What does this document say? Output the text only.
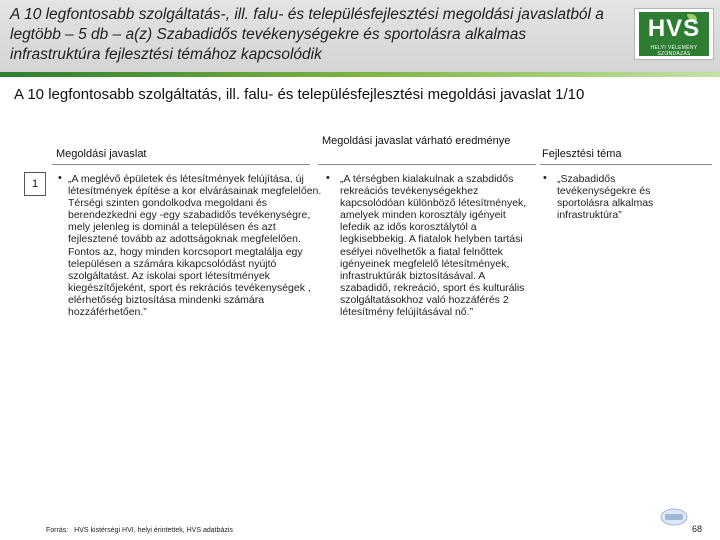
A 10 legfontosabb szolgáltatás-, ill. falu- és településfejlesztési megoldási javaslatból a legtöbb – 5 db – a(z) Szabadidős tevékenységekre és sportolásra alkalmas infrastruktúra fejlesztési témához kapcsolódik
HVS
HELYI VÉLEMÉNY SZONDÁZÁS
A 10 legfontosabb szolgáltatás, ill. falu- és településfejlesztési megoldási javaslat 1/10
Megoldási javaslat
Megoldási javaslat várható eredménye
Fejlesztési téma
1	• „A meglévő épületek és létesítmények felújítása, új létesítmények építése a kor elvárásainak megfelelően. Térségi szinten gondolkodva megoldani és berendezkedni egy -egy szabadidős tevékenységre, mely jelenleg is dominál a településen és azt fejlesztené tovább az adottságoknak megfelelően. Fontos az, hogy minden korcsoport megtalálja egy településen a számára kikapcsolódást nyújtó szolgáltatást. Az iskolai sport létesítmények kiegészítőjeként, sport és rekrációs tevékenységek , elérhetőség biztosítása mindenki számára hozzáférhetően.”
• „A térségben kialakulnak a szabdidős rekreációs tevékenységekhez kapcsolódóan különböző létesítmények, amelyek minden korosztály igényeit lefedik az idős korosztálytól a legkisebbekig. A fiatalok helyben tartási esélyei növelhetők a fiatal felnőttek igényeinek megfelelő létesítmények, infrastruktúrák biztosításával. A szabadidő, rekreáció, sport és kulturális szolgáltatásokhoz való hozzáférés 2 létesítmény felújításával nő.”
• „Szabadidős tevékenységekre és sportolásra alkalmas infrastruktúra”
Forrás: HVS kistérségi HVI, helyi érintettek, HVS adatbázis	68
